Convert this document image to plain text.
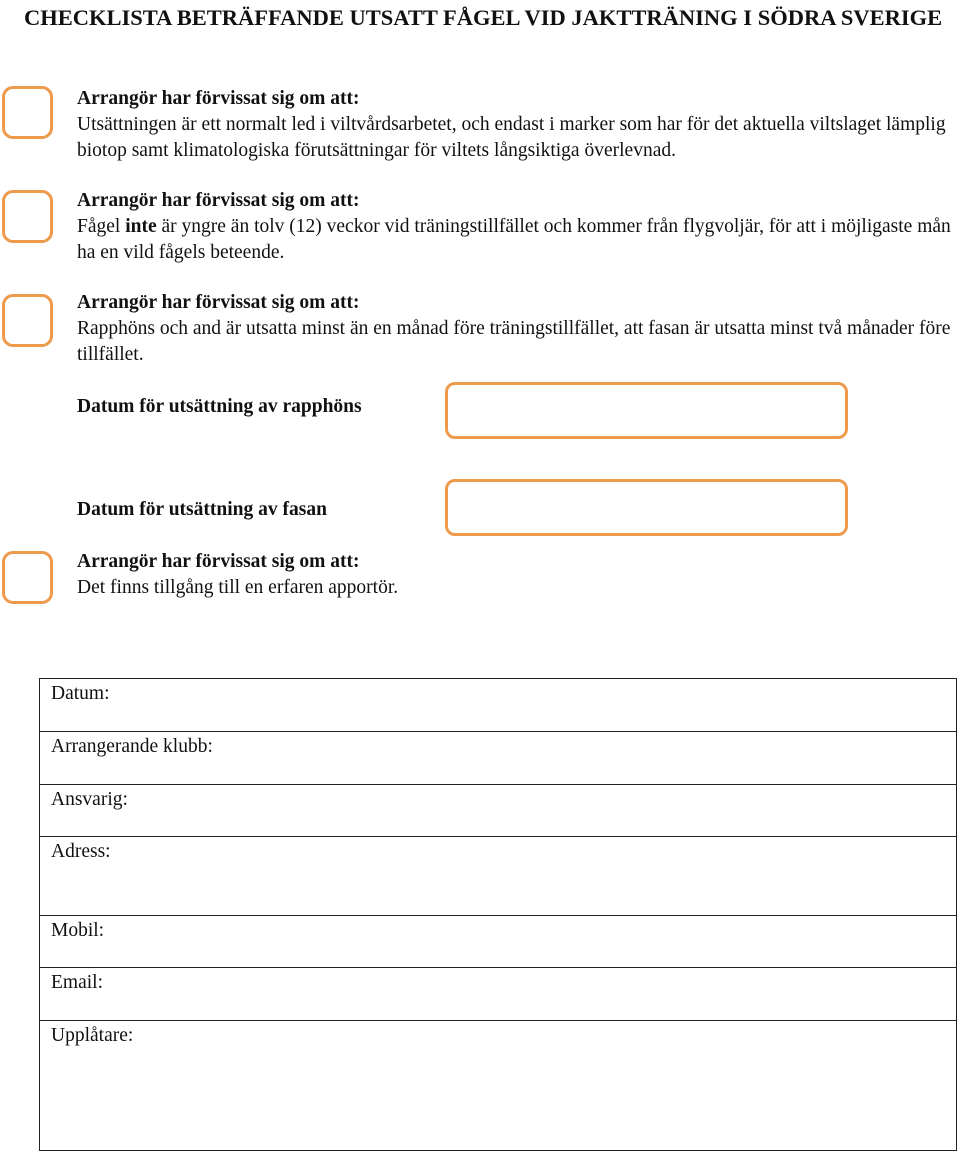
CHECKLISTA BETRÄFFANDE UTSATT FÅGEL VID JAKTTRÄNING I SÖDRA SVERIGE
Arrangör har förvissat sig om att:
Utsättningen är ett normalt led i viltvårdsarbetet, och endast i marker som har för det aktuella viltslaget lämplig biotop samt klimatologiska förutsättningar för viltets långsiktiga överlevnad.
Arrangör har förvissat sig om att:
Fågel inte är yngre än tolv (12) veckor vid träningstillfället och kommer från flygvoljär, för att i möjligaste mån ha en vild fågels beteende.
Arrangör har förvissat sig om att:
Rapphöns och and är utsatta minst än en månad före träningstillfället, att fasan är utsatta minst två månader före tillfället.
Datum för utsättning av rapphöns
Datum för utsättning av fasan
Arrangör har förvissat sig om att:
Det finns tillgång till en erfaren apportör.
Datum:
Arrangerande klubb:
Ansvarig:
Adress:
Mobil:
Email:
Upplåtare:
